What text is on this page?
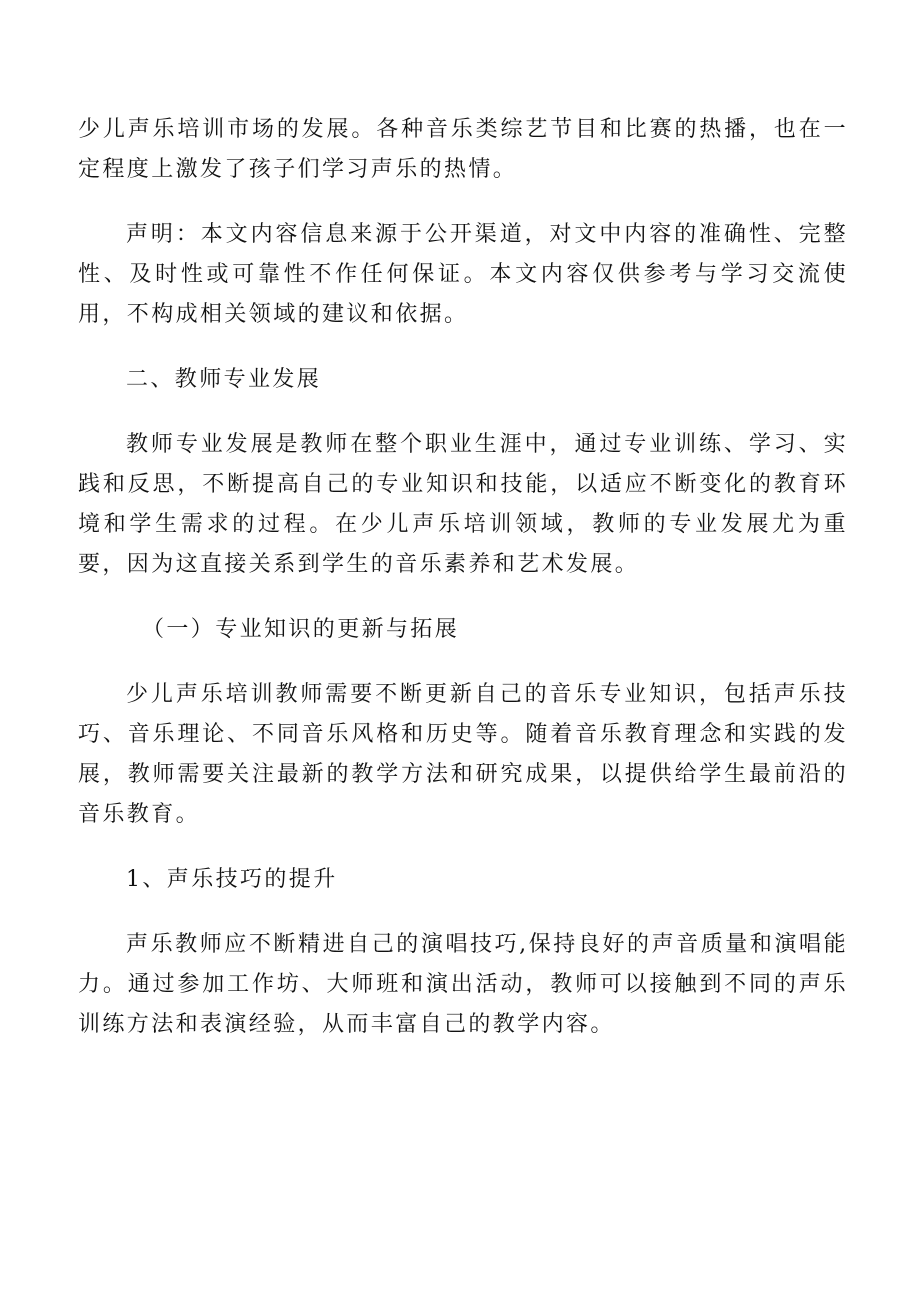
少儿声乐培训市场的发展。各种音乐类综艺节目和比赛的热播，也在一定程度上激发了孩子们学习声乐的热情。

声明：本文内容信息来源于公开渠道，对文中内容的准确性、完整性、及时性或可靠性不作任何保证。本文内容仅供参考与学习交流使用，不构成相关领域的建议和依据。

二、教师专业发展

教师专业发展是教师在整个职业生涯中，通过专业训练、学习、实践和反思，不断提高自己的专业知识和技能，以适应不断变化的教育环境和学生需求的过程。在少儿声乐培训领域，教师的专业发展尤为重要，因为这直接关系到学生的音乐素养和艺术发展。

（一）专业知识的更新与拓展

少儿声乐培训教师需要不断更新自己的音乐专业知识，包括声乐技巧、音乐理论、不同音乐风格和历史等。随着音乐教育理念和实践的发展，教师需要关注最新的教学方法和研究成果，以提供给学生最前沿的音乐教育。

1、声乐技巧的提升

声乐教师应不断精进自己的演唱技巧,保持良好的声音质量和演唱能力。通过参加工作坊、大师班和演出活动，教师可以接触到不同的声乐训练方法和表演经验，从而丰富自己的教学内容。
